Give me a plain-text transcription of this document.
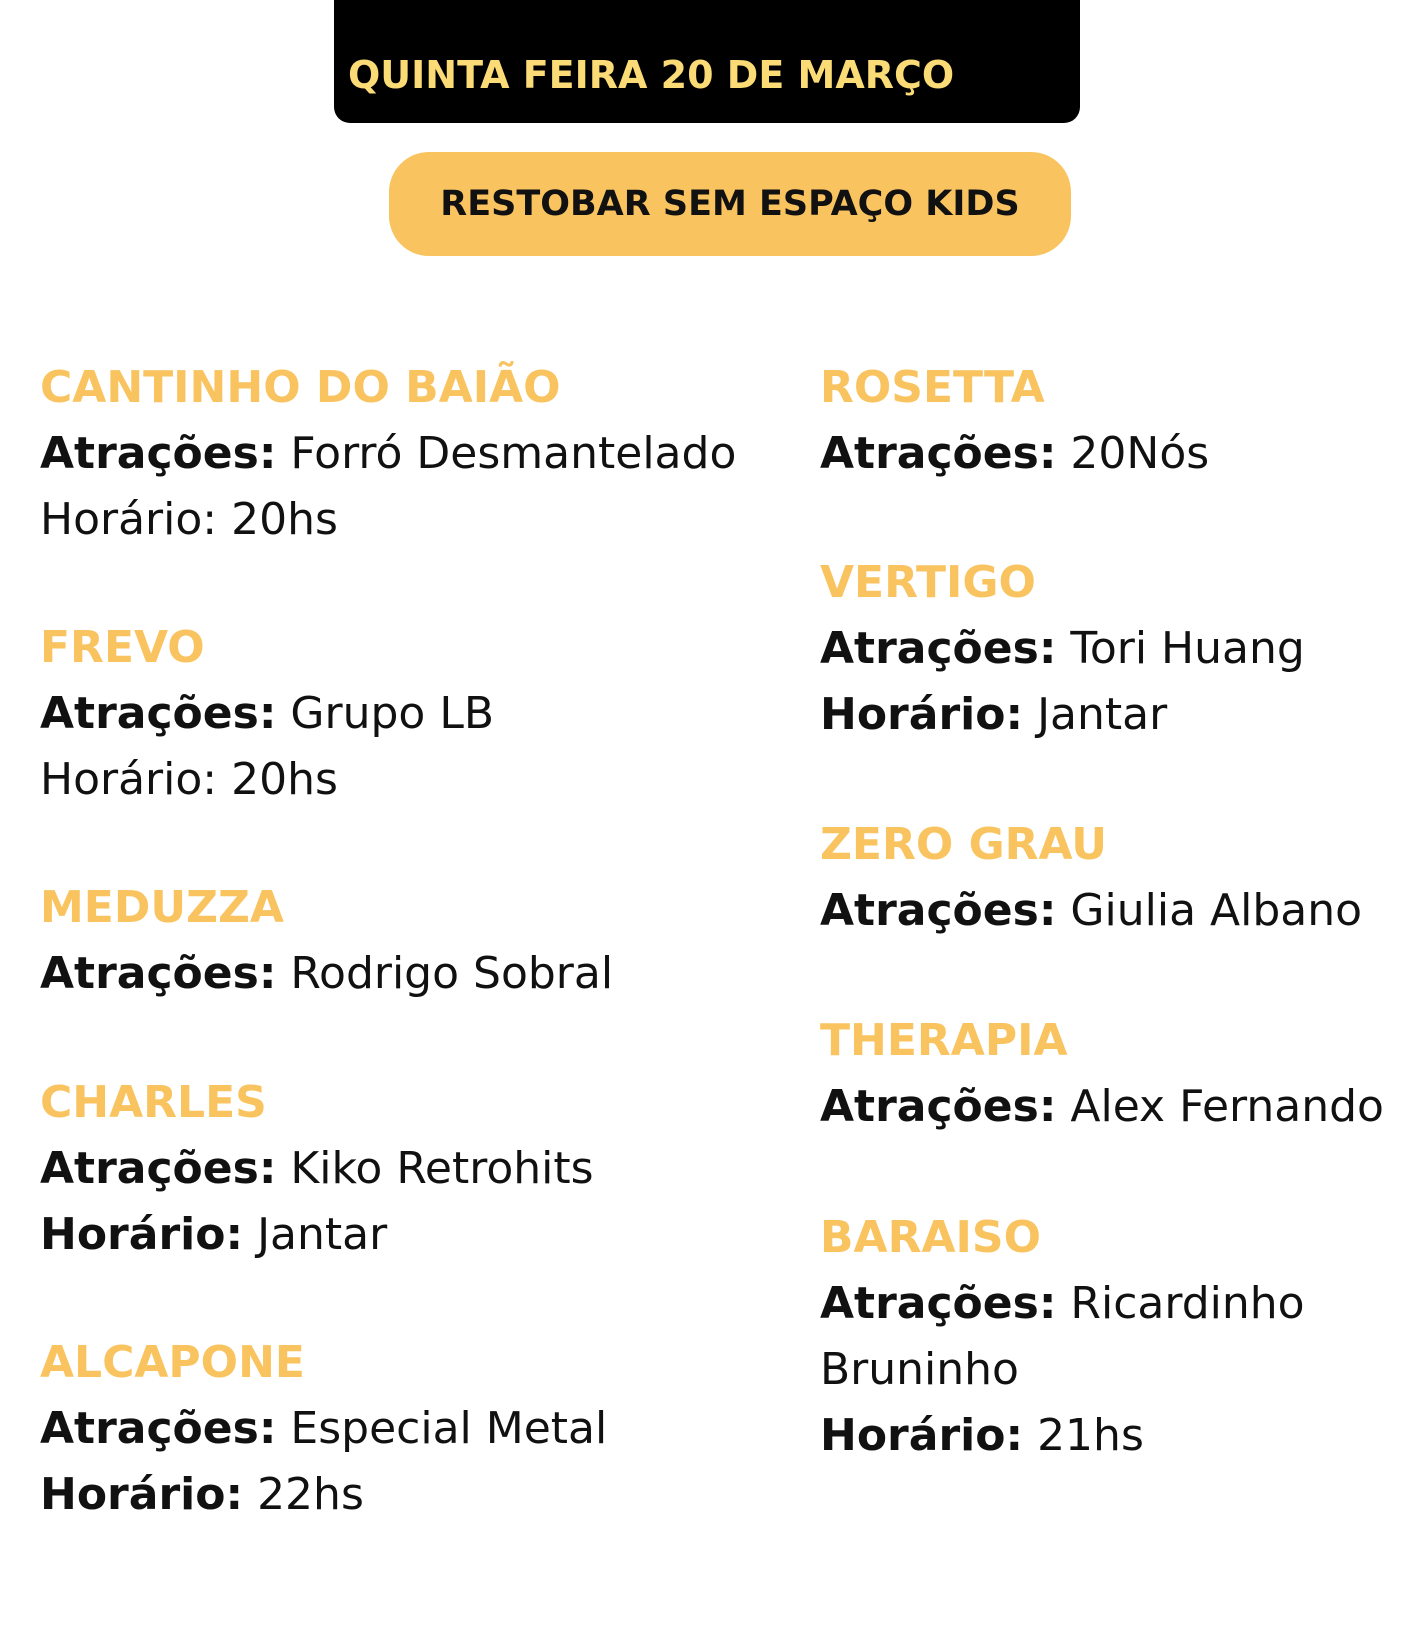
QUINTA FEIRA 20 DE MARÇO
RESTOBAR SEM ESPAÇO KIDS
CANTINHO DO BAIÃO
Atrações: Forró Desmantelado
Horário: 20hs
FREVO
Atrações: Grupo LB
Horário: 20hs
MEDUZZA
Atrações: Rodrigo Sobral
CHARLES
Atrações: Kiko Retrohits
Horário: Jantar
ALCAPONE
Atrações: Especial Metal
Horário: 22hs
ROSETTA
Atrações: 20Nós
VERTIGO
Atrações: Tori Huang
Horário: Jantar
ZERO GRAU
Atrações: Giulia Albano
THERAPIA
Atrações: Alex Fernando
BARAISO
Atrações: Ricardinho Bruninho
Horário: 21hs
